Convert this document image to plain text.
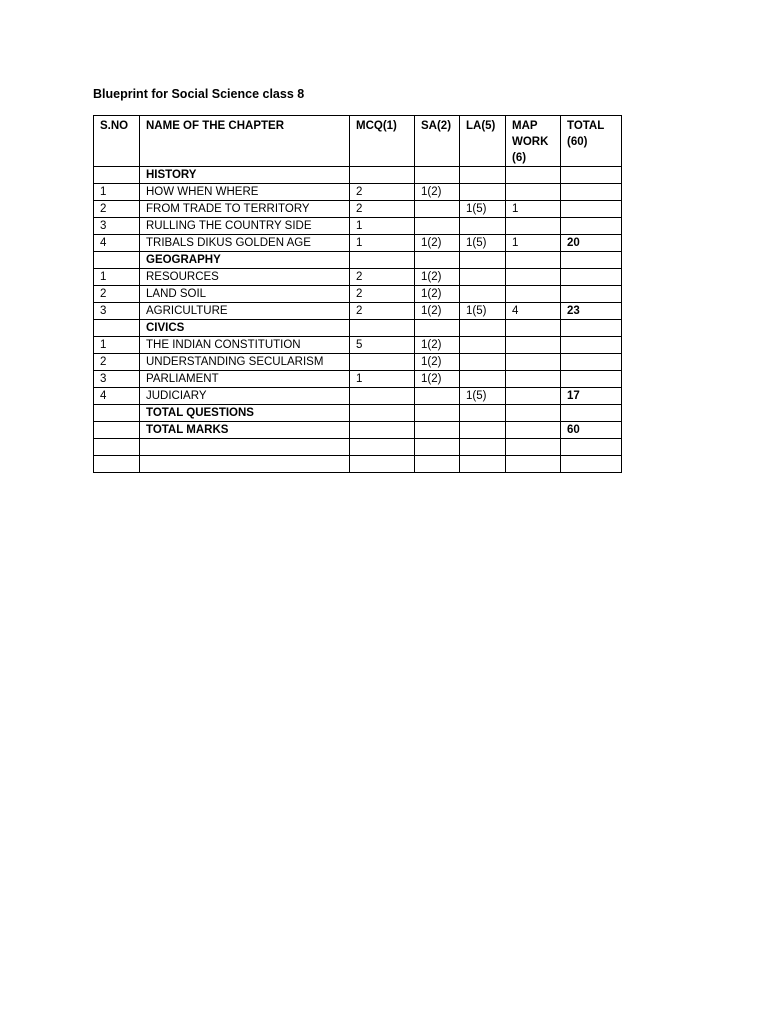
Blueprint for Social Science class 8
S.NO	NAME OF THE CHAPTER	MCQ(1)	SA(2)	LA(5)	MAP WORK (6)	TOTAL (60)
	HISTORY					
1	HOW WHEN WHERE	2	1(2)			
2	FROM TRADE TO TERRITORY	2		1(5)	1	
3	RULLING THE COUNTRY SIDE	1				
4	TRIBALS DIKUS GOLDEN AGE	1	1(2)	1(5)	1	20
	GEOGRAPHY					
1	RESOURCES	2	1(2)			
2	LAND SOIL	2	1(2)			
3	AGRICULTURE	2	1(2)	1(5)	4	23
	CIVICS					
1	THE INDIAN CONSTITUTION	5	1(2)			
2	UNDERSTANDING SECULARISM		1(2)			
3	PARLIAMENT	1	1(2)			
4	JUDICIARY			1(5)		17
	TOTAL QUESTIONS					
	TOTAL MARKS					60
